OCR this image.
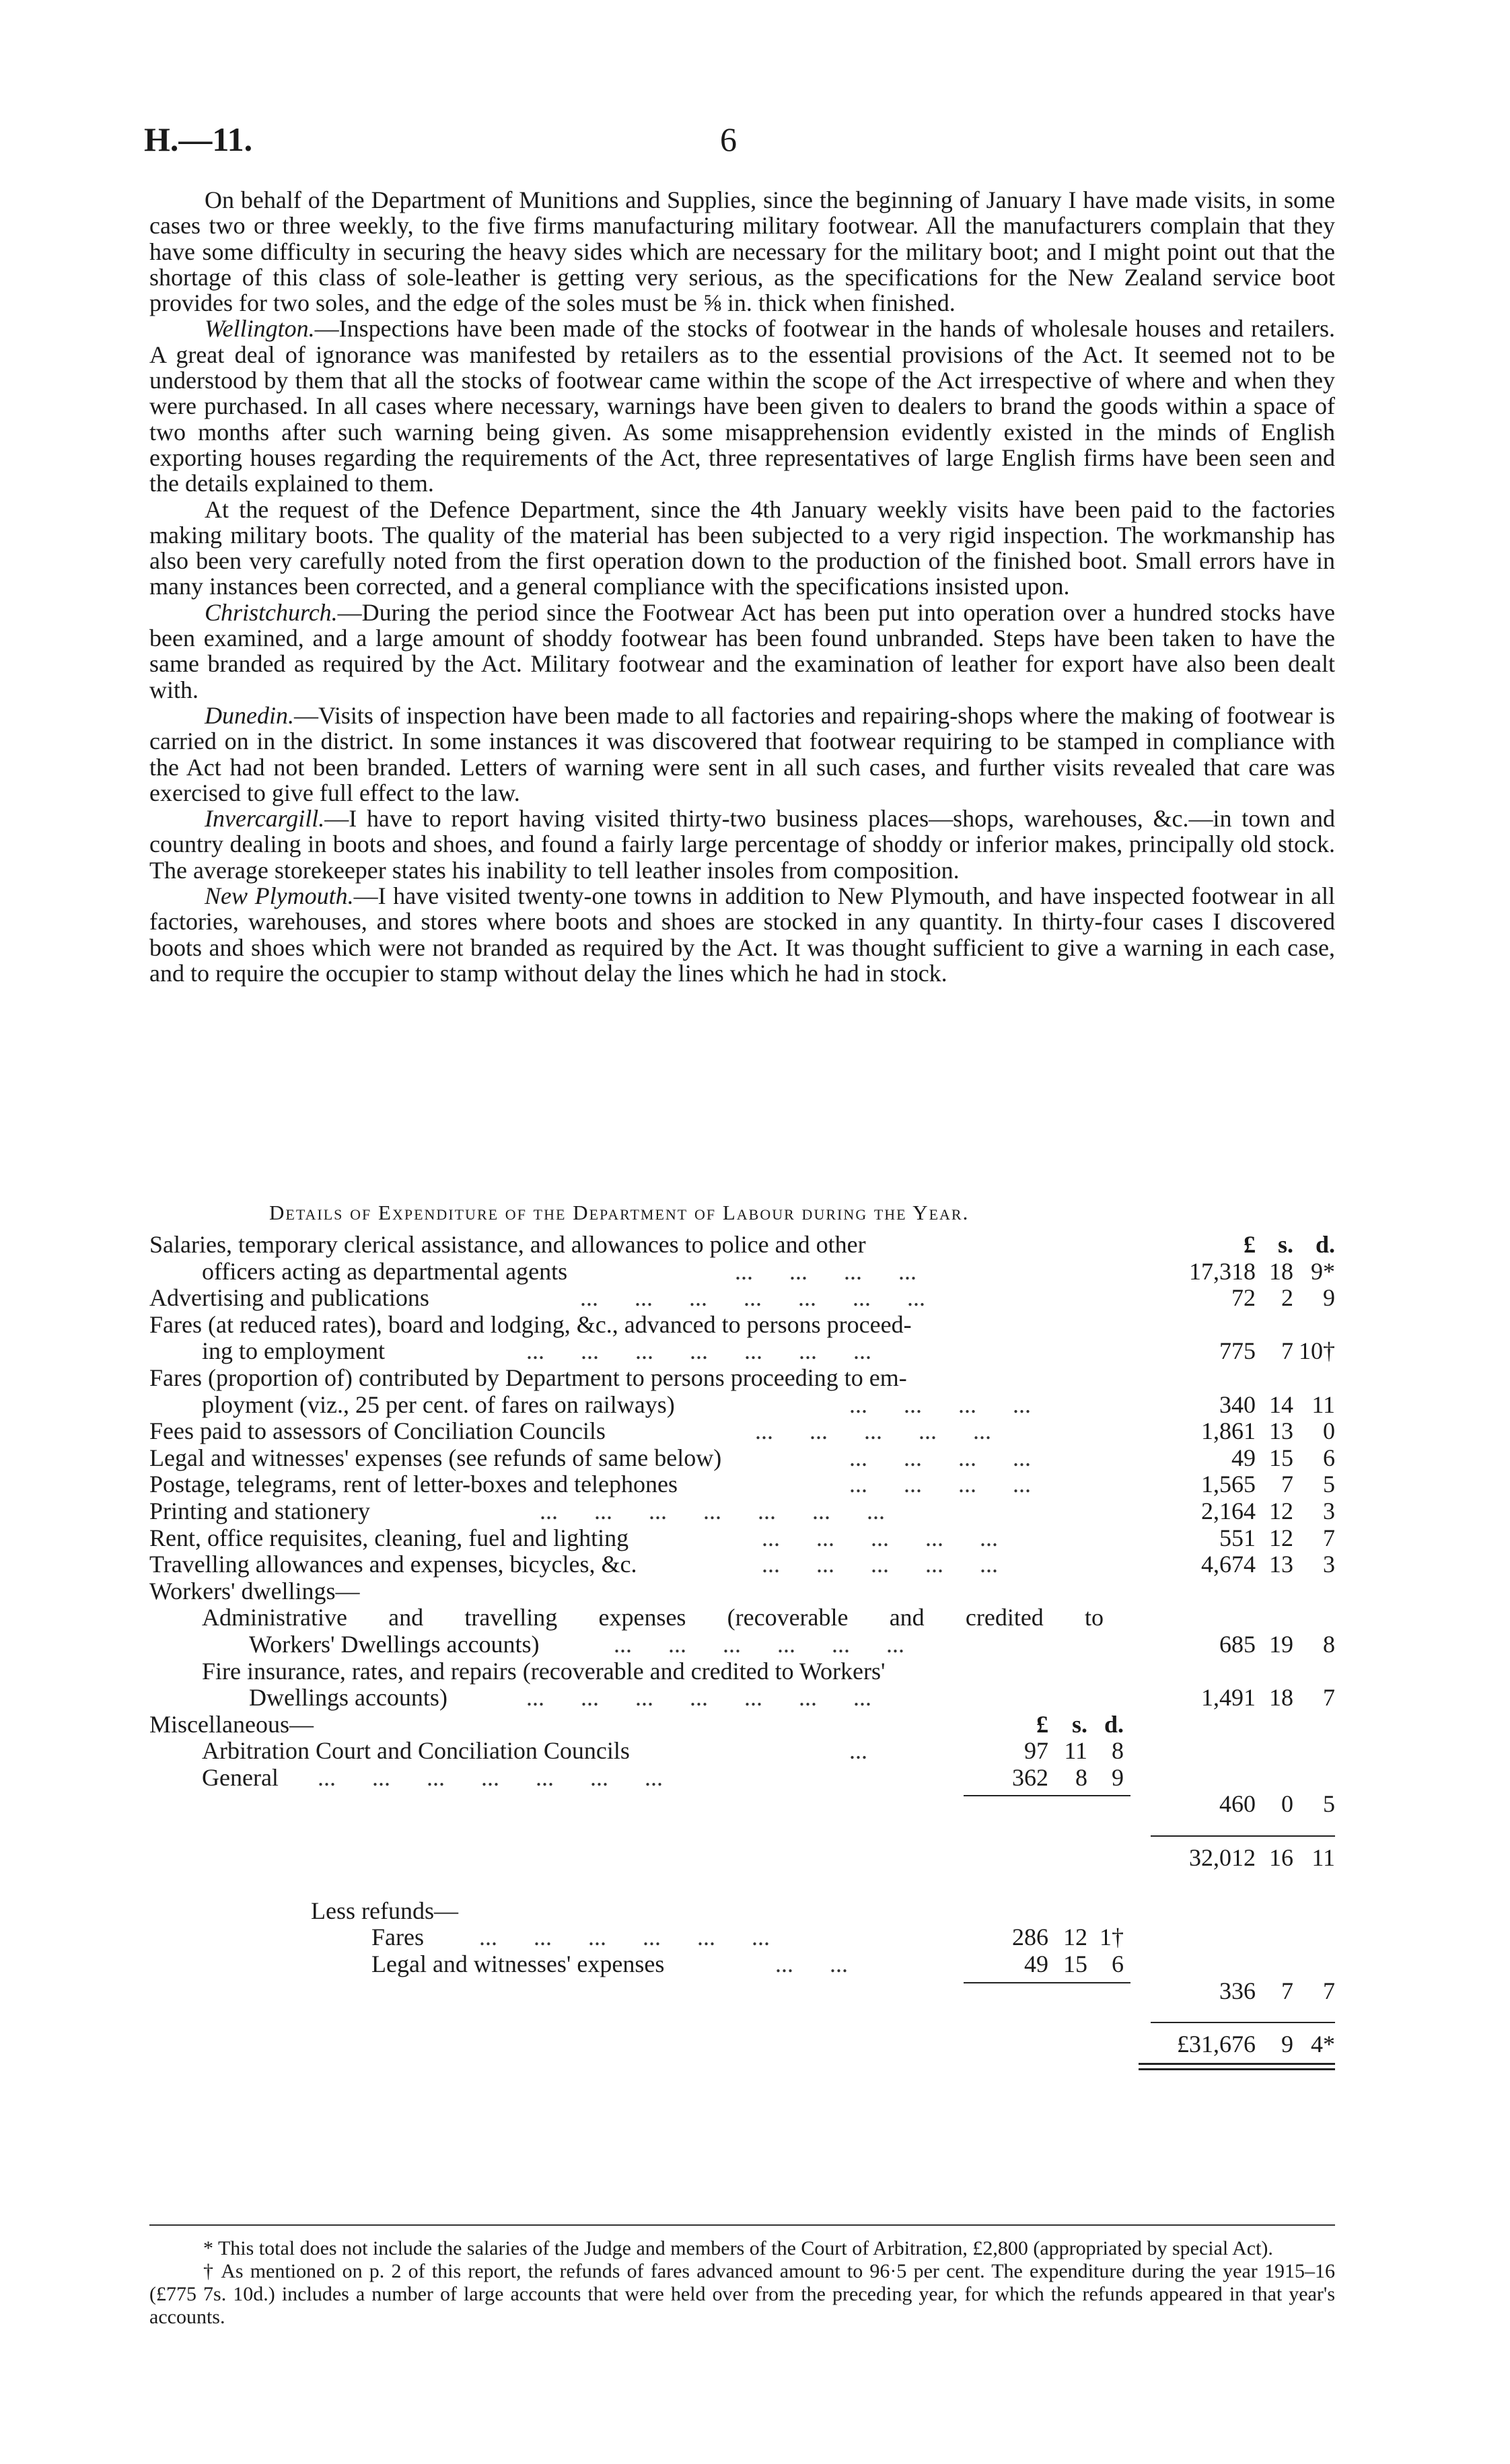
H.—11.	6

On behalf of the Department of Munitions and Supplies, since the beginning of January I have made visits, in some cases two or three weekly, to the five firms manufacturing military footwear. All the manufacturers complain that they have some difficulty in securing the heavy sides which are necessary for the military boot; and I might point out that the shortage of this class of sole-leather is getting very serious, as the specifications for the New Zealand service boot provides for two soles, and the edge of the soles must be ⅝ in. thick when finished.

Wellington.—Inspections have been made of the stocks of footwear in the hands of wholesale houses and retailers. A great deal of ignorance was manifested by retailers as to the essential provisions of the Act. It seemed not to be understood by them that all the stocks of footwear came within the scope of the Act irrespective of where and when they were purchased. In all cases where necessary, warnings have been given to dealers to brand the goods within a space of two months after such warning being given. As some misapprehension evidently existed in the minds of English exporting houses regarding the requirements of the Act, three representatives of large English firms have been seen and the details explained to them.

At the request of the Defence Department, since the 4th January weekly visits have been paid to the factories making military boots. The quality of the material has been subjected to a very rigid inspection. The workmanship has also been very carefully noted from the first operation down to the production of the finished boot. Small errors have in many instances been corrected, and a general compliance with the specifications insisted upon.

Christchurch.—During the period since the Footwear Act has been put into operation over a hundred stocks have been examined, and a large amount of shoddy footwear has been found unbranded. Steps have been taken to have the same branded as required by the Act. Military footwear and the examination of leather for export have also been dealt with.

Dunedin.—Visits of inspection have been made to all factories and repairing-shops where the making of footwear is carried on in the district. In some instances it was discovered that footwear requiring to be stamped in compliance with the Act had not been branded. Letters of warning were sent in all such cases, and further visits revealed that care was exercised to give full effect to the law.

Invercargill.—I have to report having visited thirty-two business places—shops, warehouses, &c.—in town and country dealing in boots and shoes, and found a fairly large percentage of shoddy or inferior makes, principally old stock. The average storekeeper states his inability to tell leather insoles from composition.

New Plymouth.—I have visited twenty-one towns in addition to New Plymouth, and have inspected footwear in all factories, warehouses, and stores where boots and shoes are stocked in any quantity. In thirty-four cases I discovered boots and shoes which were not branded as required by the Act. It was thought sufficient to give a warning in each case, and to require the occupier to stamp without delay the lines which he had in stock.

Details of Expenditure of the Department of Labour during the Year.
Salaries, temporary clerical assistance, and allowances to police and other	£ s. d.
officers acting as departmental agents	...      ...      ...      ...	17,318 18 9*
Advertising and publications	...      ...      ...      ...      ...      ...      ...	72	2	9
Fares (at reduced rates), board and lodging, &c., advanced to persons proceed-
ing to employment	...      ...      ...      ...      ...      ...      ...	775	7 10†
Fares (proportion of) contributed by Department to persons proceeding to em-
ployment (viz., 25 per cent. of fares on railways)	...      ...      ...      ...	340 14 11
Fees paid to assessors of Conciliation Councils	...      ...      ...      ...      ...	1,861 13	0
Legal and witnesses' expenses (see refunds of same below)	...      ...      ...      ...	49 15	6
Postage, telegrams, rent of letter-boxes and telephones	...      ...      ...      ...	1,565	7	5
Printing and stationery	...      ...      ...      ...      ...      ...      ...	2,164 12	3
Rent, office requisites, cleaning, fuel and lighting	...      ...      ...      ...      ...	551 12	7
Travelling allowances and expenses, bicycles, &c.	...      ...      ...      ...      ...	4,674 13	3
Workers' dwellings—
Administrative and travelling expenses (recoverable and credited to
Workers' Dwellings accounts)	...      ...      ...      ...      ...      ...	685 19	8
Fire insurance, rates, and repairs (recoverable and credited to Workers'
Dwellings accounts)	...      ...      ...      ...      ...      ...      ...	1,491 18	7
Miscellaneous—	£ s. d.
Arbitration Court and Conciliation Councils	...	97 11	8
General ...      ...      ...      ...      ...      ...      ...	362	8	9
460	0	5
32,012 16 11
Less refunds—
Fares ...      ...      ...      ...      ...      ...	286 12 1†
Legal and witnesses' expenses	...      ...	49 15	6
336	7	7
£31,676	9 4*

* This total does not include the salaries of the Judge and members of the Court of Arbitration, £2,800 (appropriated by special Act).

† As mentioned on p. 2 of this report, the refunds of fares advanced amount to 96·5 per cent. The expenditure during the year 1915–16 (£775 7s. 10d.) includes a number of large accounts that were held over from the preceding year, for which the refunds appeared in that year's accounts.
